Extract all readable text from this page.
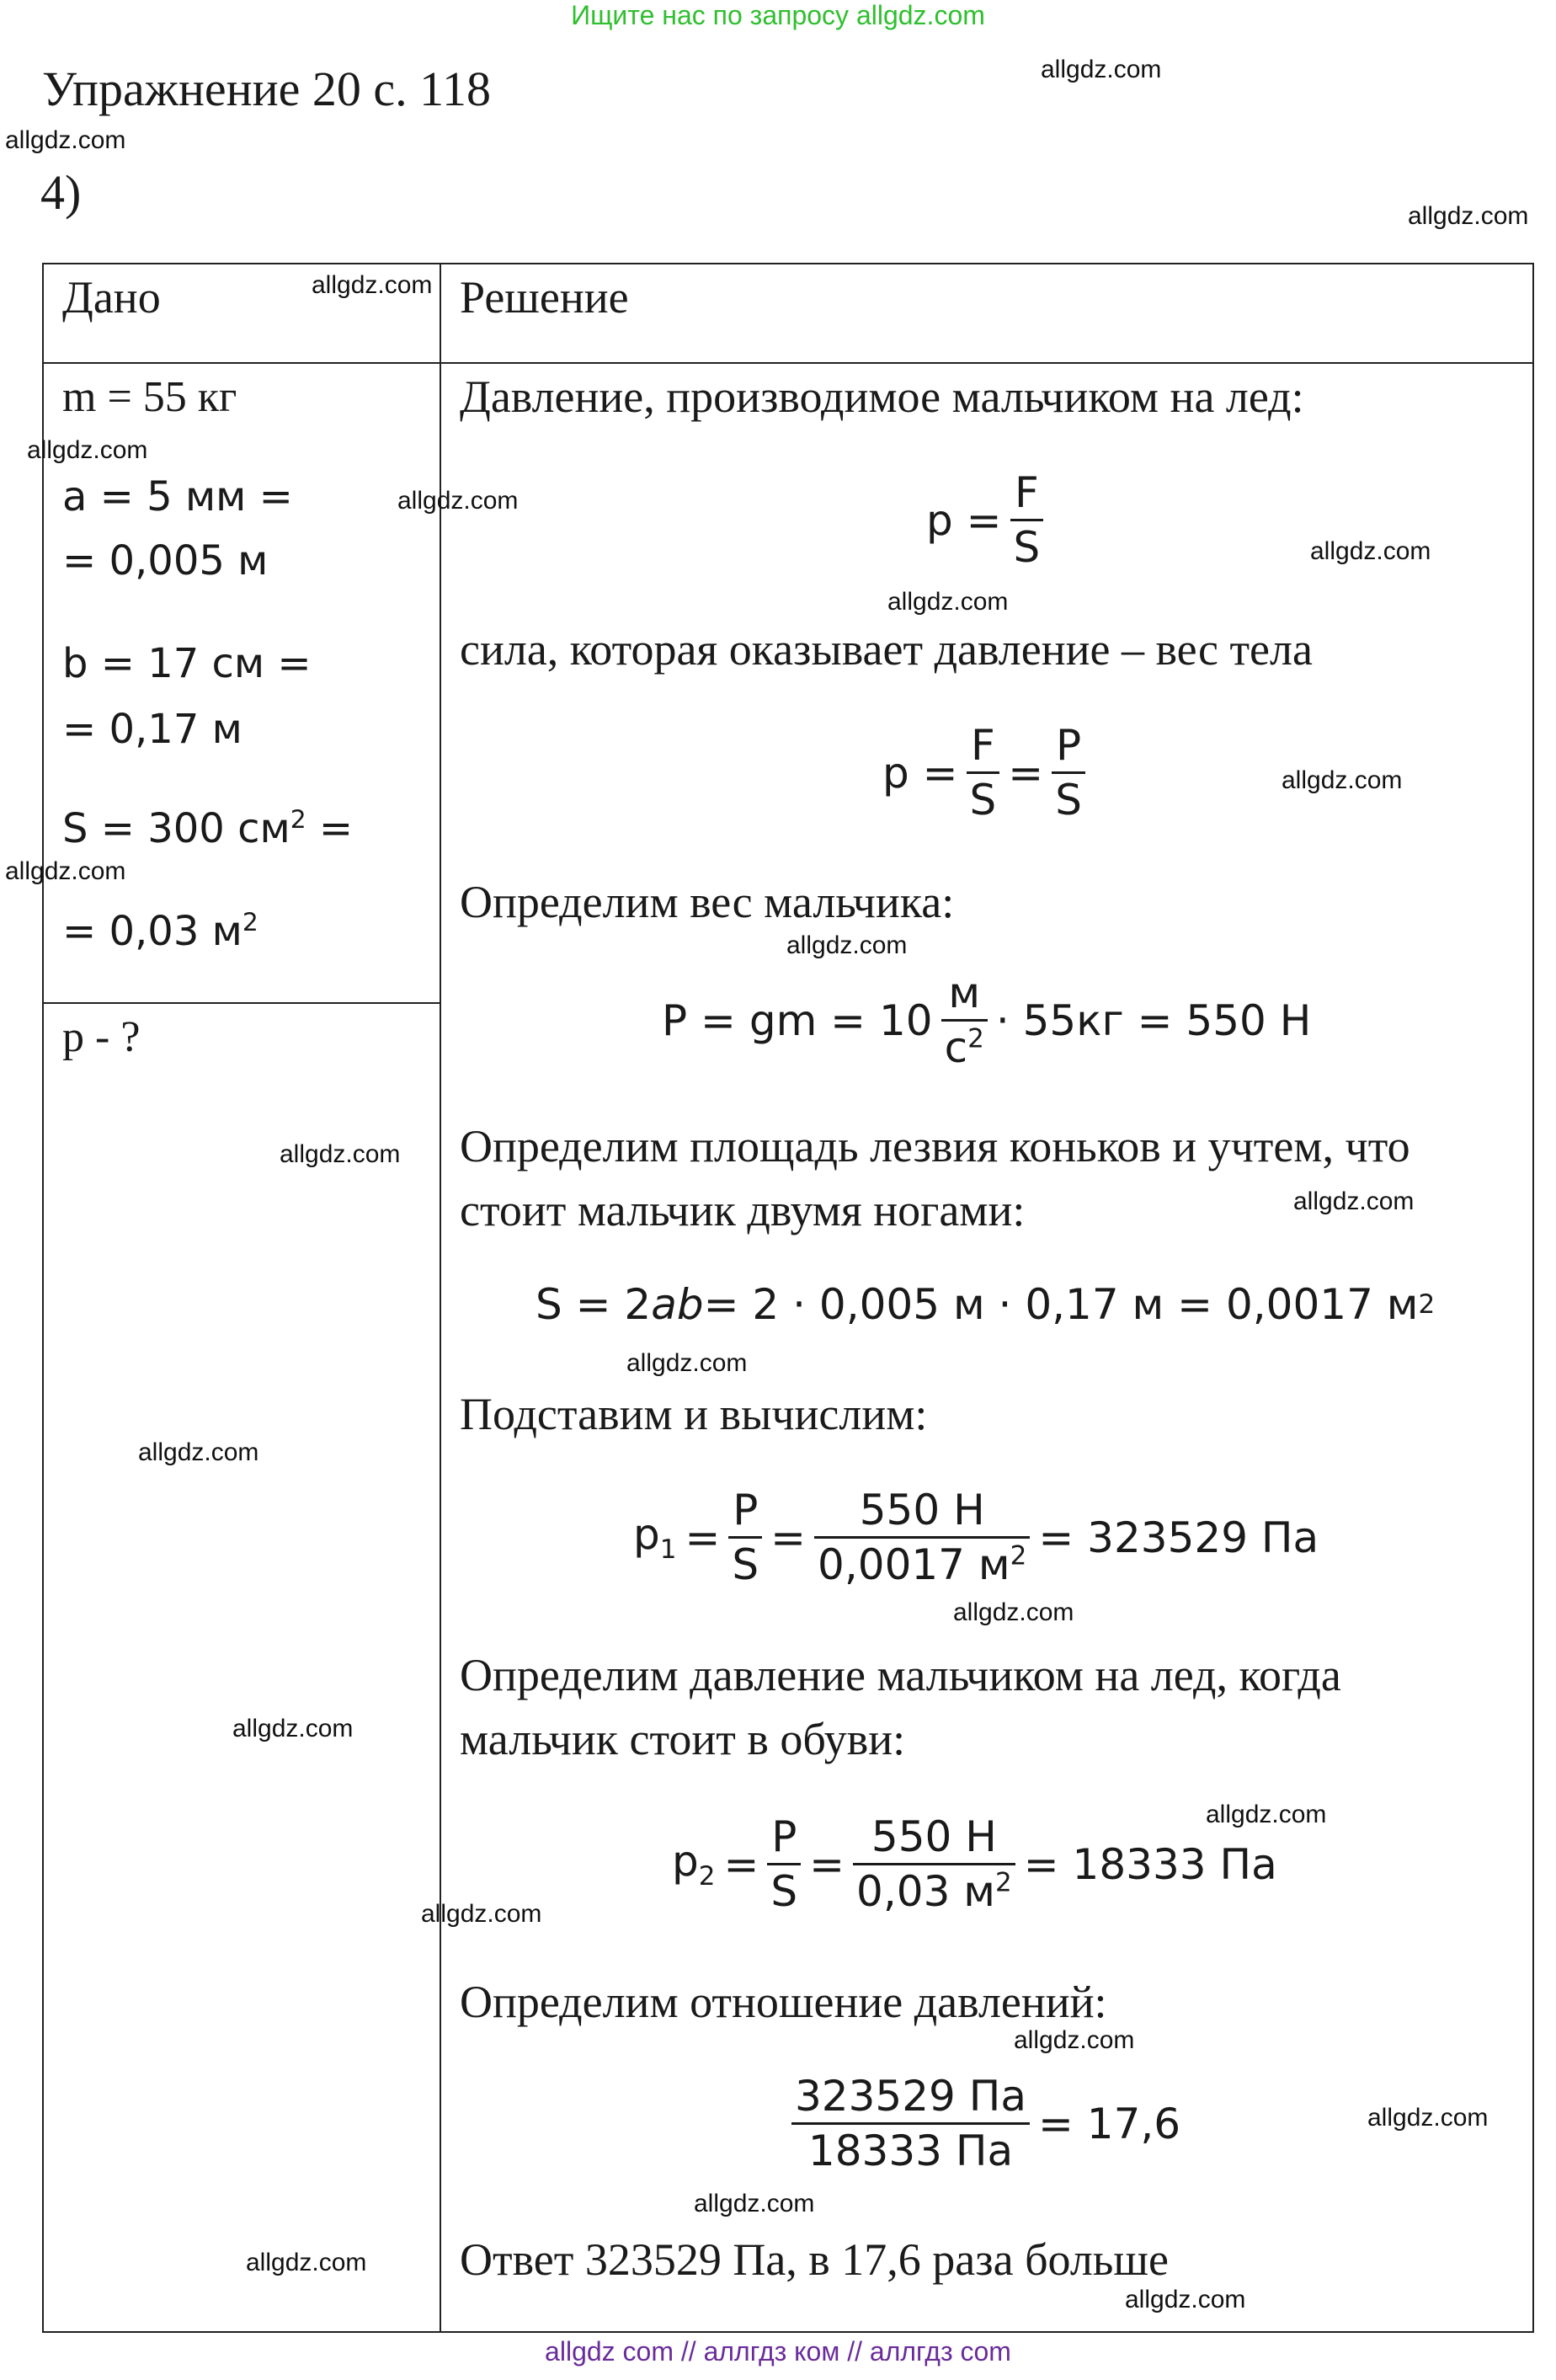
Ищите нас по запросу allgdz.com
Упражнение 20 с. 118
4)
Дано	Решение
m = 55 кг
a = 5 мм =
= 0,005 м
b = 17 см =
= 0,17 м
S = 300 $см^2$ =
= 0,03 $м^2$
p - ?
Давление, производимое мальчиком на лед:
$p = \frac{F}{S}$
сила, которая оказывает давление – вес тела
$p = \frac{F}{S} = \frac{P}{S}$
Определим вес мальчика:
P = gm = $10 \frac{м}{с^2} \cdot 55кг = 550$ Н
Определим площадь лезвия коньков и учтем, что
стоит мальчик двумя ногами:
S = 2 ab = 2 · 0,005 м · 0,17 м = 0,0017 м 2
Подставим и вычислим:
$p_1 = \frac{P}{S} = \frac{550 Н}{0,0017 м^2} = 323529$ Па
Определим давление мальчиком на лед, когда
мальчик стоит в обуви:
$p_2 = \frac{P}{S} = \frac{550 Н}{0,03 м^2} = 18333$ Па
Определим отношение давлений:
$\frac{323529 Па}{18333 Па} = 17,6$
Ответ 323529 Па, в 17,6 раза больше
allgdz.com
allgdz.com
allgdz.com
allgdz.com
allgdz.com
allgdz.com
allgdz.com
allgdz.com
allgdz.com
allgdz.com
allgdz.com
allgdz.com
allgdz.com
allgdz.com
allgdz.com
allgdz.com
allgdz.com
allgdz.com
allgdz.com
allgdz.com
allgdz.com
allgdz.com
allgdz.com
allgdz.com
allgdz com // аллгдз ком // аллгдз com
